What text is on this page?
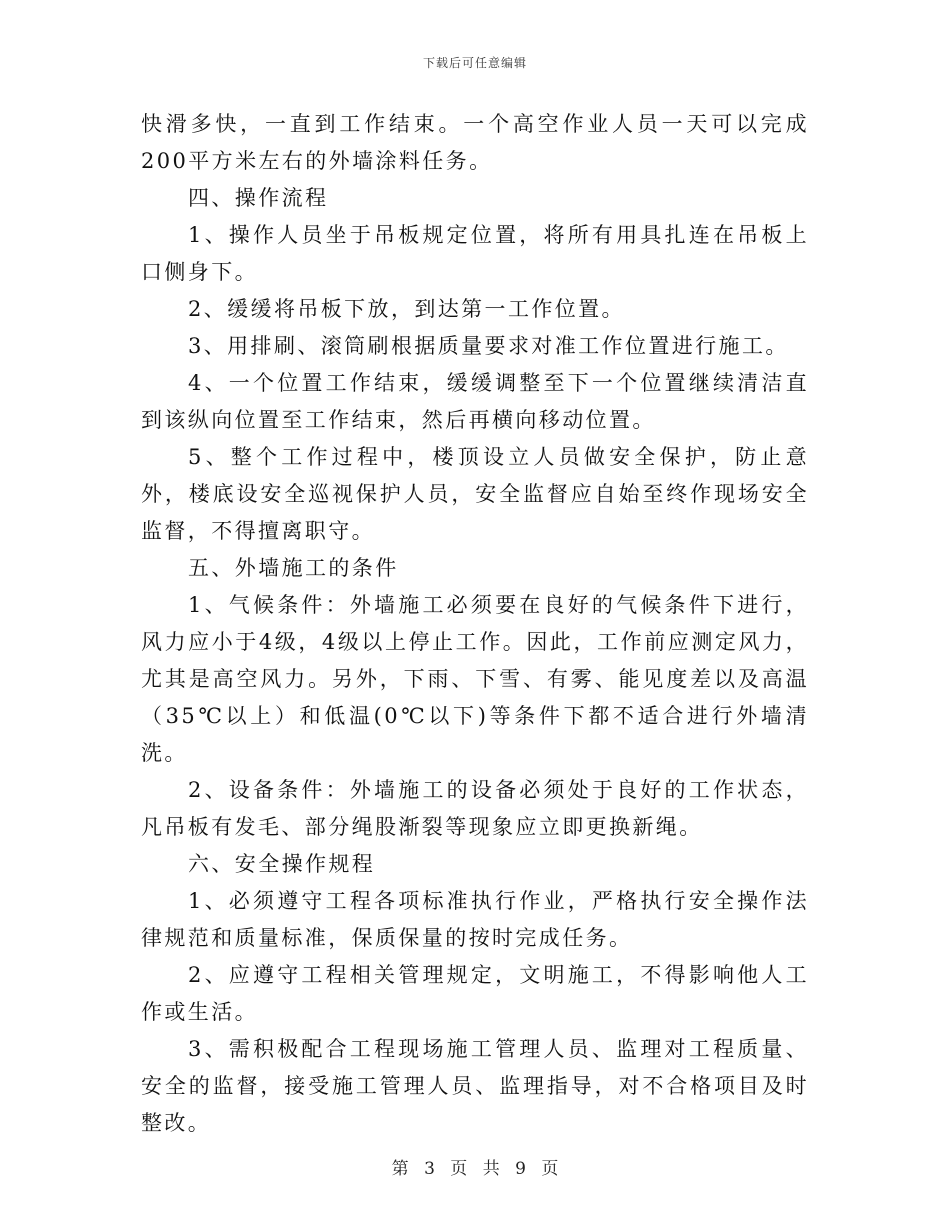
下载后可任意编辑

快滑多快，一直到工作结束。一个高空作业人员一天可以完成200平方米左右的外墙涂料任务。

四、操作流程

1、操作人员坐于吊板规定位置，将所有用具扎连在吊板上口侧身下。

2、缓缓将吊板下放，到达第一工作位置。

3、用排刷、滚筒刷根据质量要求对准工作位置进行施工。

4、一个位置工作结束，缓缓调整至下一个位置继续清洁直到该纵向位置至工作结束，然后再横向移动位置。

5、整个工作过程中，楼顶设立人员做安全保护，防止意外，楼底设安全巡视保护人员，安全监督应自始至终作现场安全监督，不得擅离职守。

五、外墙施工的条件

1、气候条件：外墙施工必须要在良好的气候条件下进行，风力应小于4级，4级以上停止工作。因此，工作前应测定风力，尤其是高空风力。另外，下雨、下雪、有雾、能见度差以及高温（35℃以上）和低温(0℃以下)等条件下都不适合进行外墙清洗。

2、设备条件：外墙施工的设备必须处于良好的工作状态，凡吊板有发毛、部分绳股渐裂等现象应立即更换新绳。

六、安全操作规程

1、必须遵守工程各项标准执行作业，严格执行安全操作法律规范和质量标准，保质保量的按时完成任务。

2、应遵守工程相关管理规定，文明施工，不得影响他人工作或生活。

3、需积极配合工程现场施工管理人员、监理对工程质量、安全的监督，接受施工管理人员、监理指导，对不合格项目及时整改。

第 3 页 共 9 页
